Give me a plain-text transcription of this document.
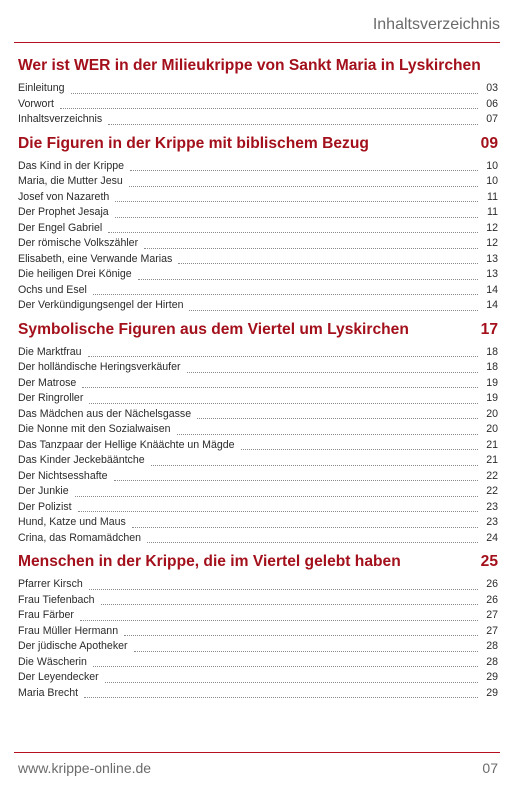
Inhaltsverzeichnis
Wer ist WER in der Milieukrippe von Sankt Maria in Lyskirchen
Einleitung	03
Vorwort	06
Inhaltsverzeichnis	07
Die Figuren in der Krippe mit biblischem Bezug .....	09
Das Kind in der Krippe	10
Maria, die Mutter Jesu	10
Josef von Nazareth	11
Der Prophet Jesaja	11
Der Engel Gabriel	12
Der römische Volkszähler	12
Elisabeth, eine Verwande Marias	13
Die heiligen Drei Könige	13
Ochs und Esel	14
Der Verkündigungsengel der Hirten	14
Symbolische Figuren aus dem Viertel um Lyskirchen .....	17
Die Marktfrau	18
Der holländische Heringsverkäufer	18
Der Matrose	19
Der Ringroller	19
Das Mädchen aus der Nächelsgasse	20
Die Nonne mit den Sozialwaisen	20
Das Tanzpaar der Hellige Knäächte un Mägde	21
Das Kinder Jeckebääntche	21
Der Nichtsesshafte	22
Der Junkie	22
Der Polizist	23
Hund, Katze und Maus	23
Crina, das Romamädchen	24
Menschen in der Krippe, die im Viertel gelebt haben .....	25
Pfarrer Kirsch	26
Frau Tiefenbach	26
Frau Färber	27
Frau Müller Hermann	27
Der jüdische Apotheker	28
Die Wäscherin	28
Der Leyendecker	29
Maria Brecht	29
www.krippe-online.de	07
